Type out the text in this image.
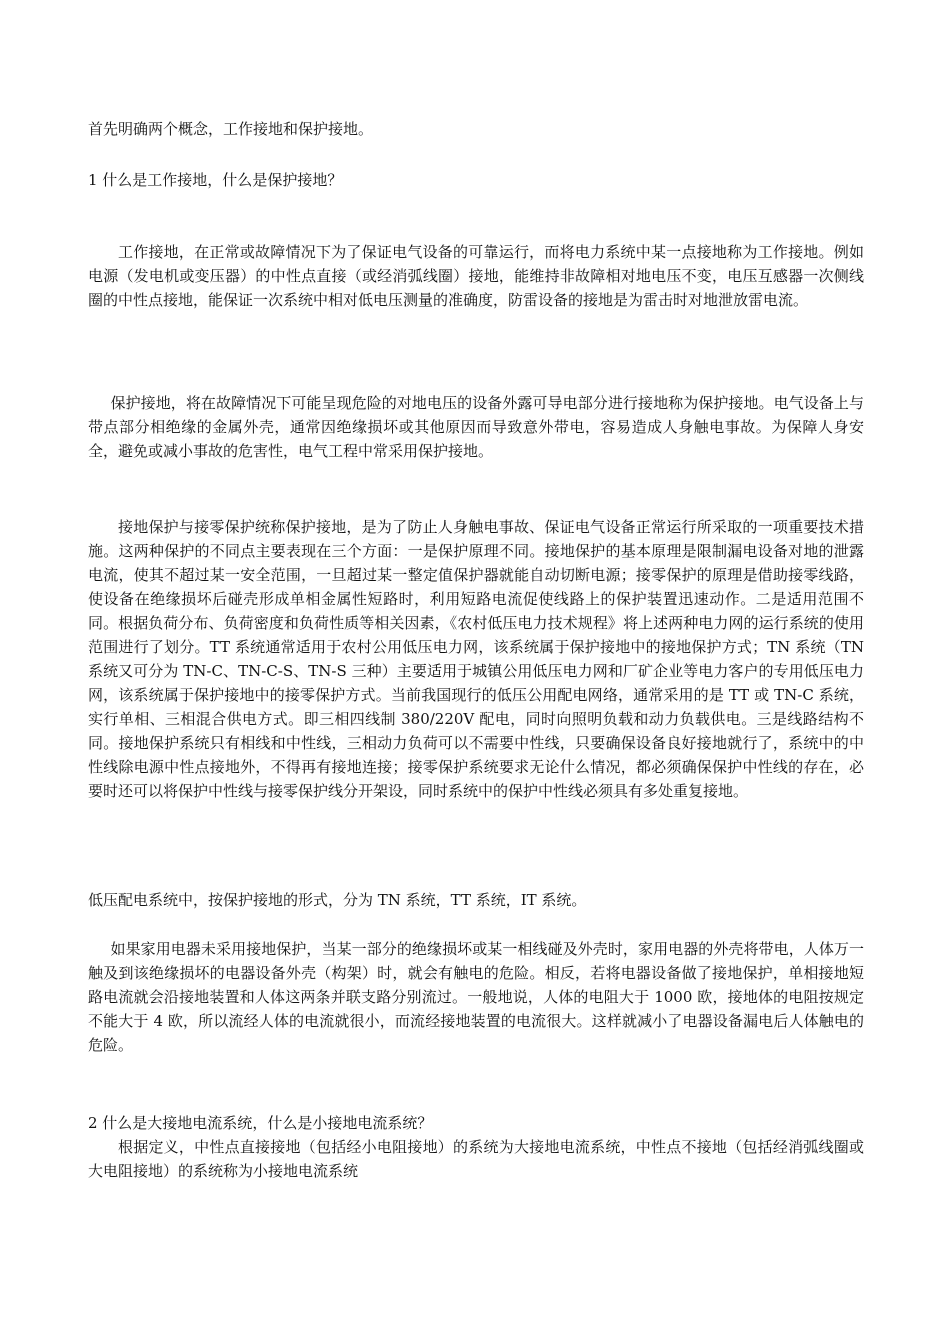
首先明确两个概念，工作接地和保护接地。
1 什么是工作接地，什么是保护接地？

工作接地，在正常或故障情况下为了保证电气设备的可靠运行，而将电力系统中某一点接地称为工作接地。例如电源（发电机或变压器）的中性点直接（或经消弧线圈）接地，能维持非故障相对地电压不变，电压互感器一次侧线圈的中性点接地，能保证一次系统中相对低电压测量的准确度，防雷设备的接地是为雷击时对地泄放雷电流。

保护接地，将在故障情况下可能呈现危险的对地电压的设备外露可导电部分进行接地称为保护接地。电气设备上与带点部分相绝缘的金属外壳，通常因绝缘损坏或其他原因而导致意外带电，容易造成人身触电事故。为保障人身安全，避免或减小事故的危害性，电气工程中常采用保护接地。

接地保护与接零保护统称保护接地，是为了防止人身触电事故、保证电气设备正常运行所采取的一项重要技术措施。这两种保护的不同点主要表现在三个方面：一是保护原理不同。接地保护的基本原理是限制漏电设备对地的泄露电流，使其不超过某一安全范围，一旦超过某一整定值保护器就能自动切断电源；接零保护的原理是借助接零线路，使设备在绝缘损坏后碰壳形成单相金属性短路时，利用短路电流促使线路上的保护装置迅速动作。二是适用范围不同。根据负荷分布、负荷密度和负荷性质等相关因素，《农村低压电力技术规程》将上述两种电力网的运行系统的使用范围进行了划分。TT 系统通常适用于农村公用低压电力网，该系统属于保护接地中的接地保护方式；TN 系统（TN 系统又可分为 TN-C、TN-C-S、TN-S 三种）主要适用于城镇公用低压电力网和厂矿企业等电力客户的专用低压电力网，该系统属于保护接地中的接零保护方式。当前我国现行的低压公用配电网络，通常采用的是 TT 或 TN-C 系统，实行单相、三相混合供电方式。即三相四线制 380/220V 配电，同时向照明负载和动力负载供电。三是线路结构不同。接地保护系统只有相线和中性线，三相动力负荷可以不需要中性线，只要确保设备良好接地就行了，系统中的中性线除电源中性点接地外，不得再有接地连接；接零保护系统要求无论什么情况，都必须确保保护中性线的存在，必要时还可以将保护中性线与接零保护线分开架设，同时系统中的保护中性线必须具有多处重复接地。

低压配电系统中，按保护接地的形式，分为 TN 系统，TT 系统，IT 系统。

如果家用电器未采用接地保护，当某一部分的绝缘损坏或某一相线碰及外壳时，家用电器的外壳将带电，人体万一触及到该绝缘损坏的电器设备外壳（构架）时，就会有触电的危险。相反，若将电器设备做了接地保护，单相接地短路电流就会沿接地装置和人体这两条并联支路分别流过。一般地说，人体的电阻大于 1000 欧，接地体的电阻按规定不能大于 4 欧，所以流经人体的电流就很小，而流经接地装置的电流很大。这样就减小了电器设备漏电后人体触电的危险。

2 什么是大接地电流系统，什么是小接地电流系统？

根据定义，中性点直接接地（包括经小电阻接地）的系统为大接地电流系统，中性点不接地（包括经消弧线圈或大电阻接地）的系统称为小接地电流系统
